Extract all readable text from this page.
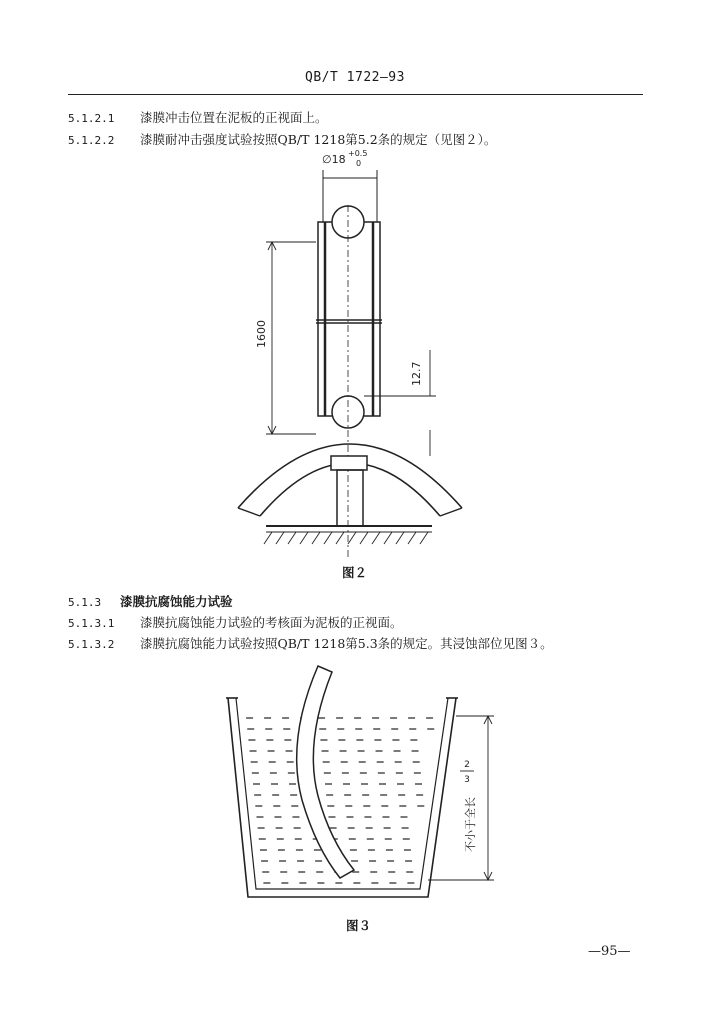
QB/T 1722—93
5.1.2.1 漆膜冲击位置在泥板的正视面上。
5.1.2.2 漆膜耐冲击强度试验按照QB/T 1218第5.2条的规定（见图２）。
∅18 +0.5
0
1600
12.7
图２
5.1.3 漆膜抗腐蚀能力试验
5.1.3.1 漆膜抗腐蚀能力试验的考核面为泥板的正视面。
5.1.3.2 漆膜抗腐蚀能力试验按照QB/T 1218第5.3条的规定。其浸蚀部位见图３。
不小于全长
2
3
图３
—95—
